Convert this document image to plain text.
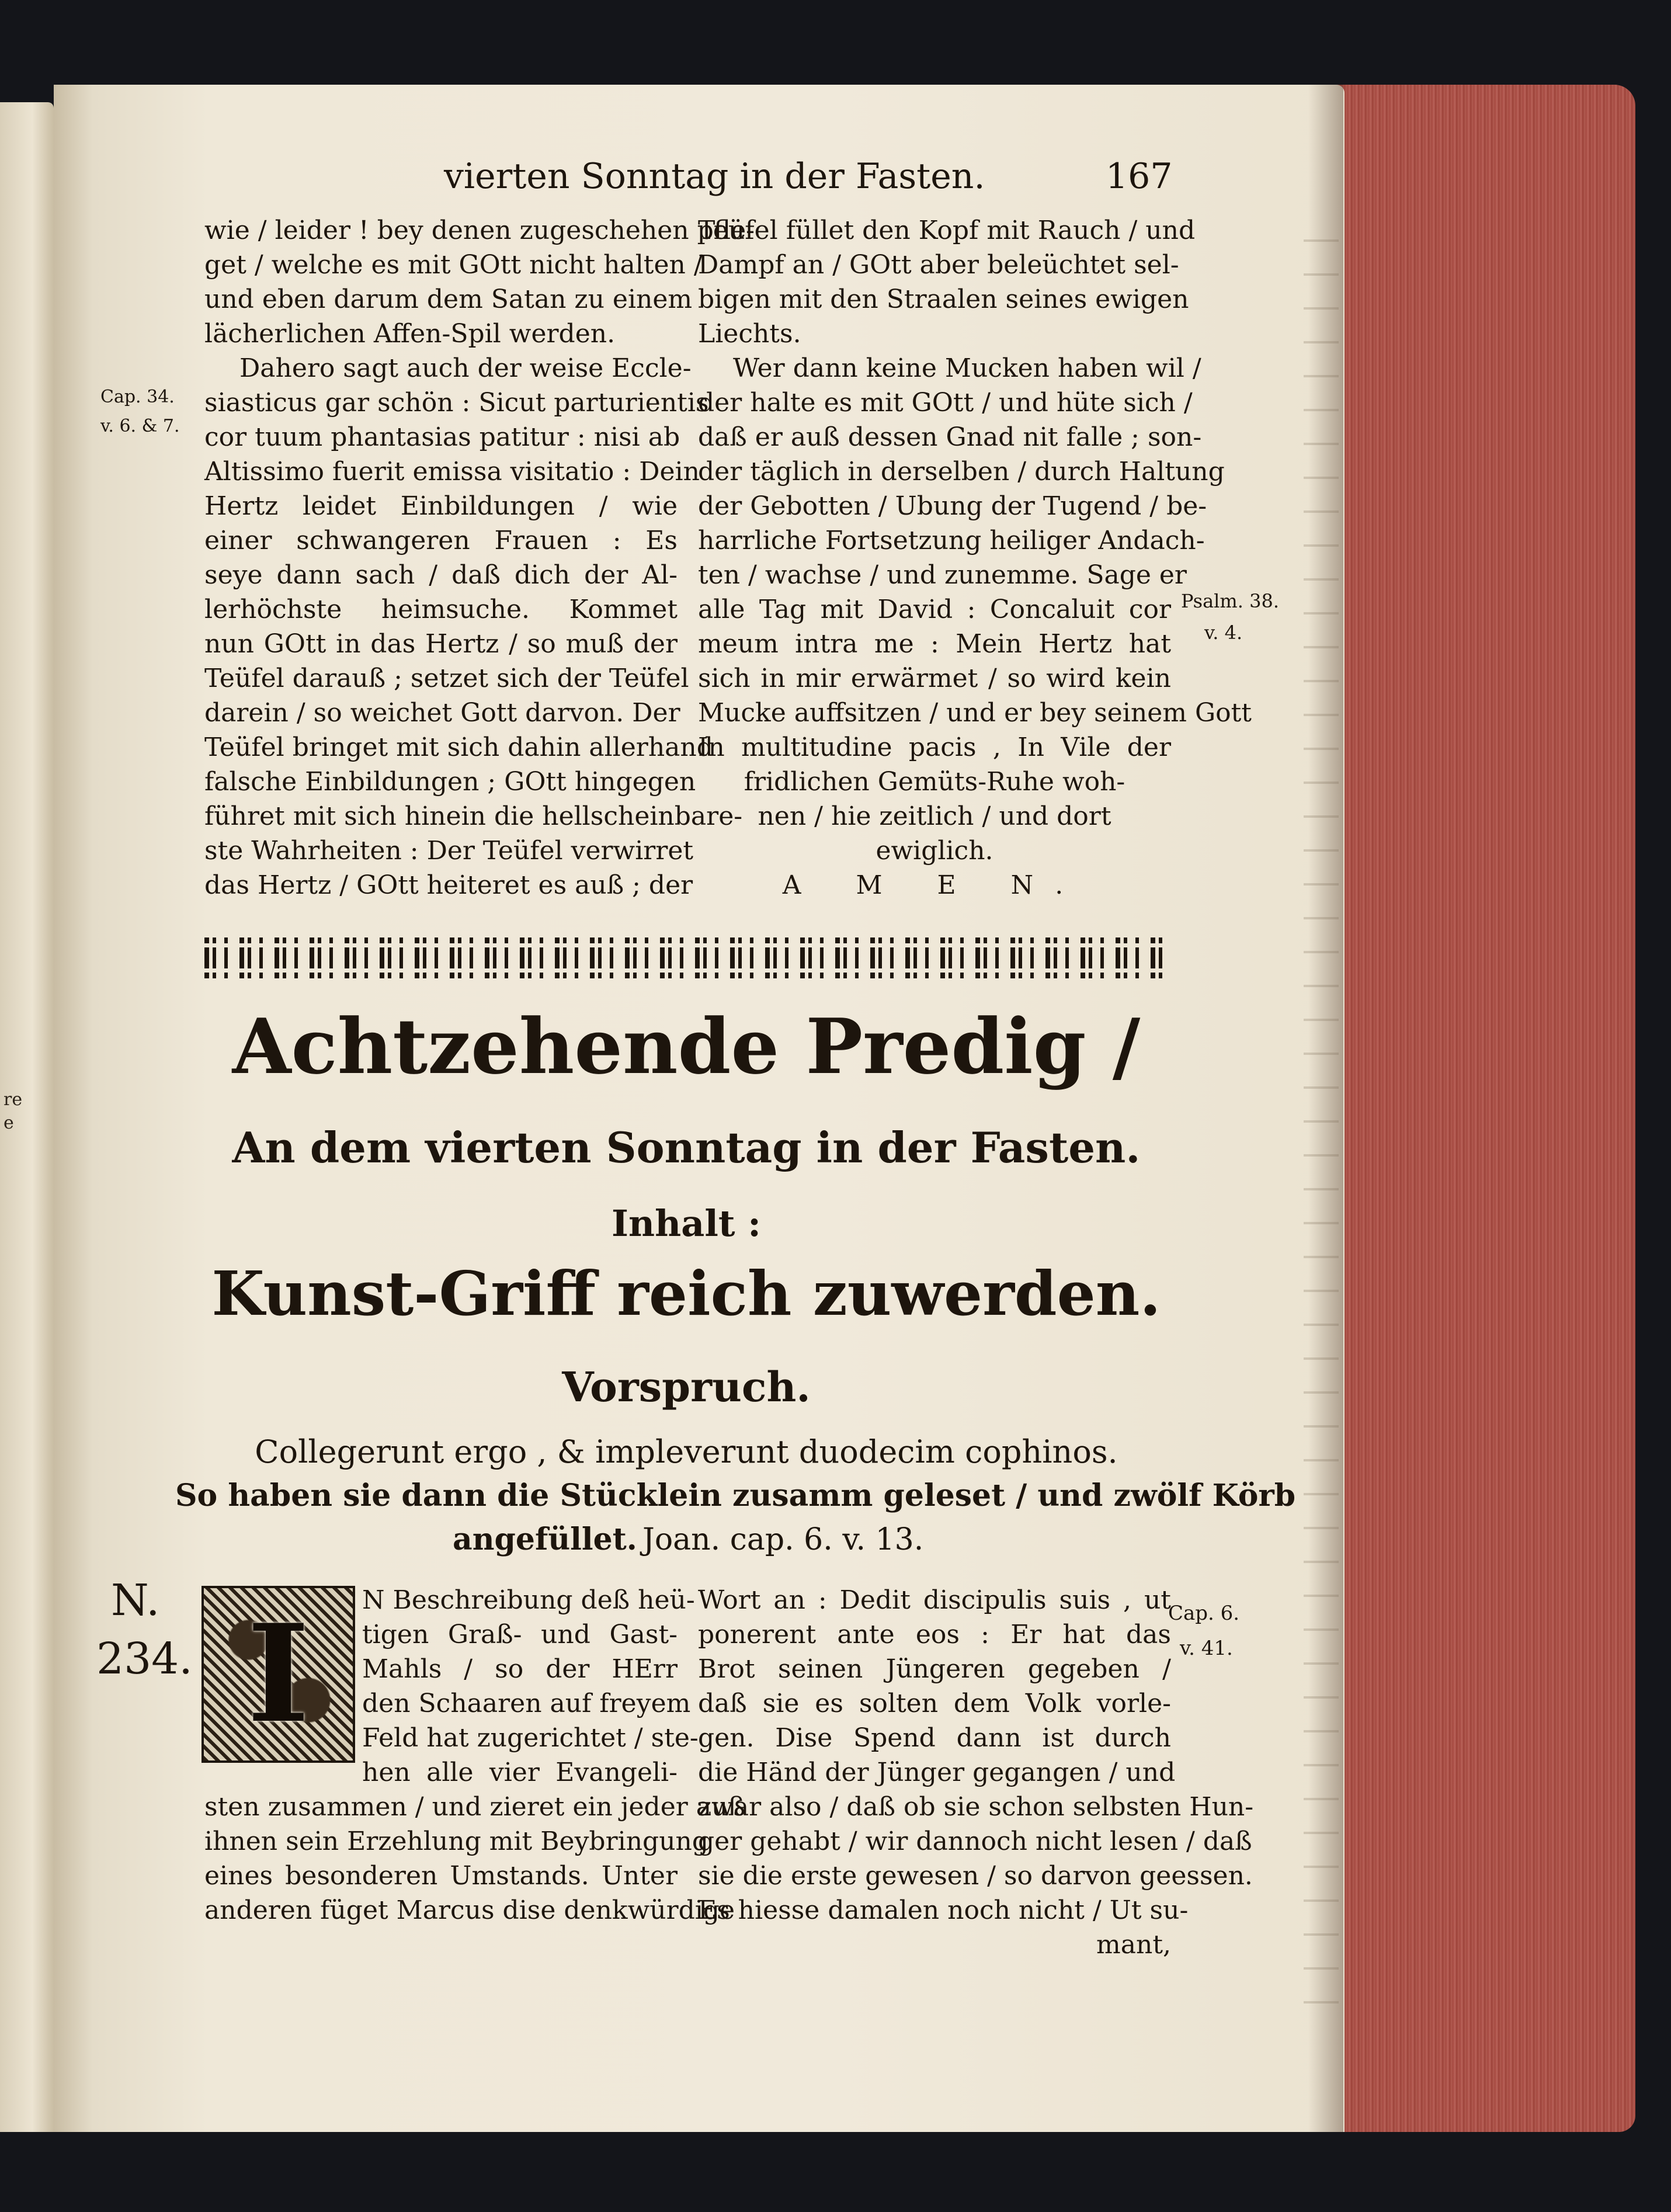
re
e
vierten Sonntag in der Fasten.	167
wie / leider ! bey denen zugeschehen pfle-
get / welche es mit GOtt nicht halten /
und eben darum dem Satan zu einem
lächerlichen Affen-Spil werden.
Dahero sagt auch der weise Eccle-
siasticus gar schön : Sicut parturientis
cor tuum phantasias patitur : nisi ab
Altissimo fuerit emissa visitatio : Dein
Hertz leidet Einbildungen / wie
einer schwangeren Frauen : Es
seye dann sach / daß dich der Al-
lerhöchste heimsuche. Kommet
nun GOtt in das Hertz / so muß der
Teüfel darauß ; setzet sich der Teüfel
darein / so weichet Gott darvon. Der
Teüfel bringet mit sich dahin allerhand
falsche Einbildungen ; GOtt hingegen
führet mit sich hinein die hellscheinbare-
ste Wahrheiten : Der Teüfel verwirret
das Hertz / GOtt heiteret es auß ; der
Teüfel füllet den Kopf mit Rauch / und
Dampf an / GOtt aber beleüchtet sel-
bigen mit den Straalen seines ewigen
Liechts.
Wer dann keine Mucken haben wil /
der halte es mit GOtt / und hüte sich /
daß er auß dessen Gnad nit falle ; son-
der täglich in derselben / durch Haltung
der Gebotten / Ubung der Tugend / be-
harrliche Fortsetzung heiliger Andach-
ten / wachse / und zunemme. Sage er
alle Tag mit David : Concaluit cor
meum intra me : Mein Hertz hat
sich in mir erwärmet / so wird kein
Mucke auffsitzen / und er bey seinem Gott
In multitudine pacis , In Vile der
fridlichen Gemüts-Ruhe woh-
nen / hie zeitlich / und dort
ewiglich.
A M E N.
Cap. 34.
v. 6. & 7.
Psalm. 38.
v. 4.
Achtzehende Predig /
An dem vierten Sonntag in der Fasten.
Inhalt :
Kunst-Griff reich zuwerden.
Vorspruch.
Collegerunt ergo , & impleverunt duodecim cophinos.
So haben sie dann die Stücklein zusamm geleset / und zwölf Körb
angefüllet. Joan. cap. 6. v. 13.
N.
234. I	N Beschreibung deß heü-
tigen Graß- und Gast-
Mahls / so der HErr
den Schaaren auf freyem
Feld hat zugerichtet / ste-
hen alle vier Evangeli-
sten zusammen / und zieret ein jeder auß
ihnen sein Erzehlung mit Beybringung
eines besonderen Umstands. Unter
anderen füget Marcus dise denkwürdige
Wort an : Dedit discipulis suis , ut
ponerent ante eos : Er hat das
Brot seinen Jüngeren gegeben /
daß sie es solten dem Volk vorle-
gen. Dise Spend dann ist durch
die Händ der Jünger gegangen / und
zwar also / daß ob sie schon selbsten Hun-
ger gehabt / wir dannoch nicht lesen / daß
sie die erste gewesen / so darvon geessen.
Es hiesse damalen noch nicht / Ut su-
mant,
Cap. 6.
v. 41.
